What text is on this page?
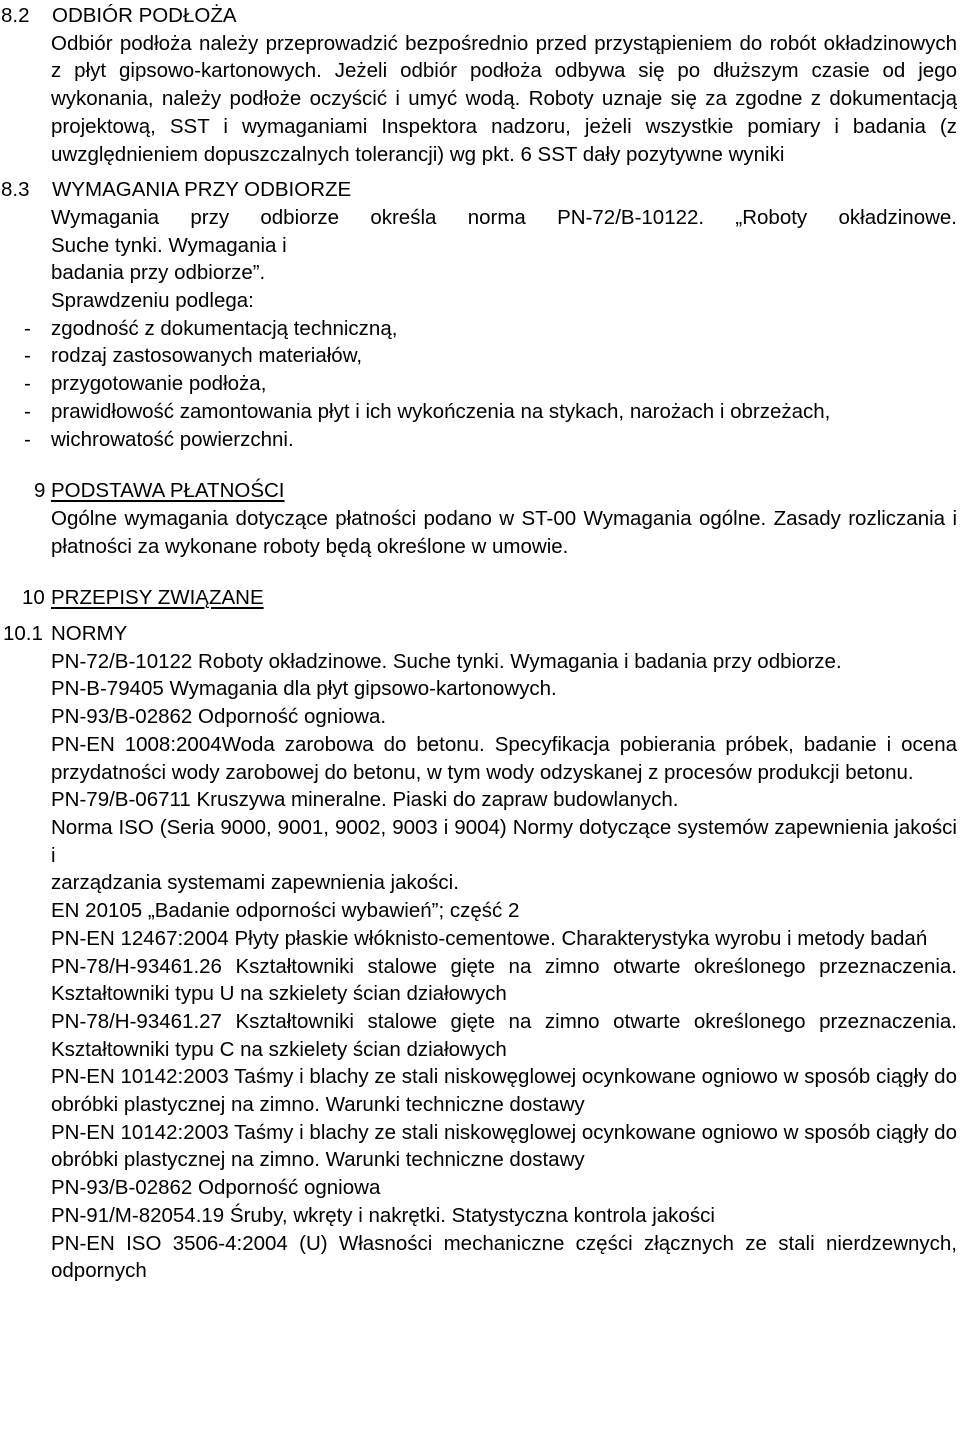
8.2	ODBIÓR PODŁOŻA

Odbiór podłoża należy przeprowadzić bezpośrednio przed przystąpieniem do robót okładzinowych z płyt gipsowo-kartonowych. Jeżeli odbiór podłoża odbywa się po dłuższym czasie od jego wykonania, należy podłoże oczyścić i umyć wodą. Roboty uznaje się za zgodne z dokumentacją projektową, SST i wymaganiami Inspektora nadzoru, jeżeli wszystkie pomiary i badania (z uwzględnieniem dopuszczalnych tolerancji) wg pkt. 6 SST dały pozytywne wyniki

8.3	WYMAGANIA PRZY ODBIORZE
Wymagania przy odbiorze określa norma PN-72/B-10122. „Roboty okładzinowe.
Suche tynki. Wymagania i
badania przy odbiorze”.
Sprawdzeniu podlega:
- zgodność z dokumentacją techniczną,
- rodzaj zastosowanych materiałów,
- przygotowanie podłoża,
- prawidłowość zamontowania płyt i ich wykończenia na stykach, narożach i obrzeżach,
- wichrowatość powierzchni.
9 PODSTAWA PŁATNOŚCI

Ogólne wymagania dotyczące płatności podano w ST-00 Wymagania ogólne. Zasady rozliczania i płatności za wykonane roboty będą określone w umowie.

10 PRZEPISY ZWIĄZANE
10.1 NORMY

PN-72/B-10122 Roboty okładzinowe. Suche tynki. Wymagania i badania przy odbiorze.

PN-B-79405 Wymagania dla płyt gipsowo-kartonowych.

PN-93/B-02862 Odporność ogniowa.

PN-EN 1008:2004Woda zarobowa do betonu. Specyfikacja pobierania próbek, badanie i ocena przydatności wody zarobowej do betonu, w tym wody odzyskanej z procesów produkcji betonu.

PN-79/B-06711 Kruszywa mineralne. Piaski do zapraw budowlanych.

Norma ISO (Seria 9000, 9001, 9002, 9003 i 9004) Normy dotyczące systemów zapewnienia jakości i

zarządzania systemami zapewnienia jakości.

EN 20105 „Badanie odporności wybawień”; część 2

PN-EN 12467:2004 Płyty płaskie włóknisto-cementowe. Charakterystyka wyrobu i metody badań

PN-78/H-93461.26 Kształtowniki stalowe gięte na zimno otwarte określonego przeznaczenia. Kształtowniki typu U na szkielety ścian działowych

PN-78/H-93461.27 Kształtowniki stalowe gięte na zimno otwarte określonego przeznaczenia. Kształtowniki typu C na szkielety ścian działowych

PN-EN 10142:2003 Taśmy i blachy ze stali niskowęglowej ocynkowane ogniowo w sposób ciągły do obróbki plastycznej na zimno. Warunki techniczne dostawy

PN-EN 10142:2003 Taśmy i blachy ze stali niskowęglowej ocynkowane ogniowo w sposób ciągły do obróbki plastycznej na zimno. Warunki techniczne dostawy

PN-93/B-02862 Odporność ogniowa

PN-91/M-82054.19 Śruby, wkręty i nakrętki. Statystyczna kontrola jakości

PN-EN ISO 3506-4:2004 (U) Własności mechaniczne części złącznych ze stali nierdzewnych, odpornych
